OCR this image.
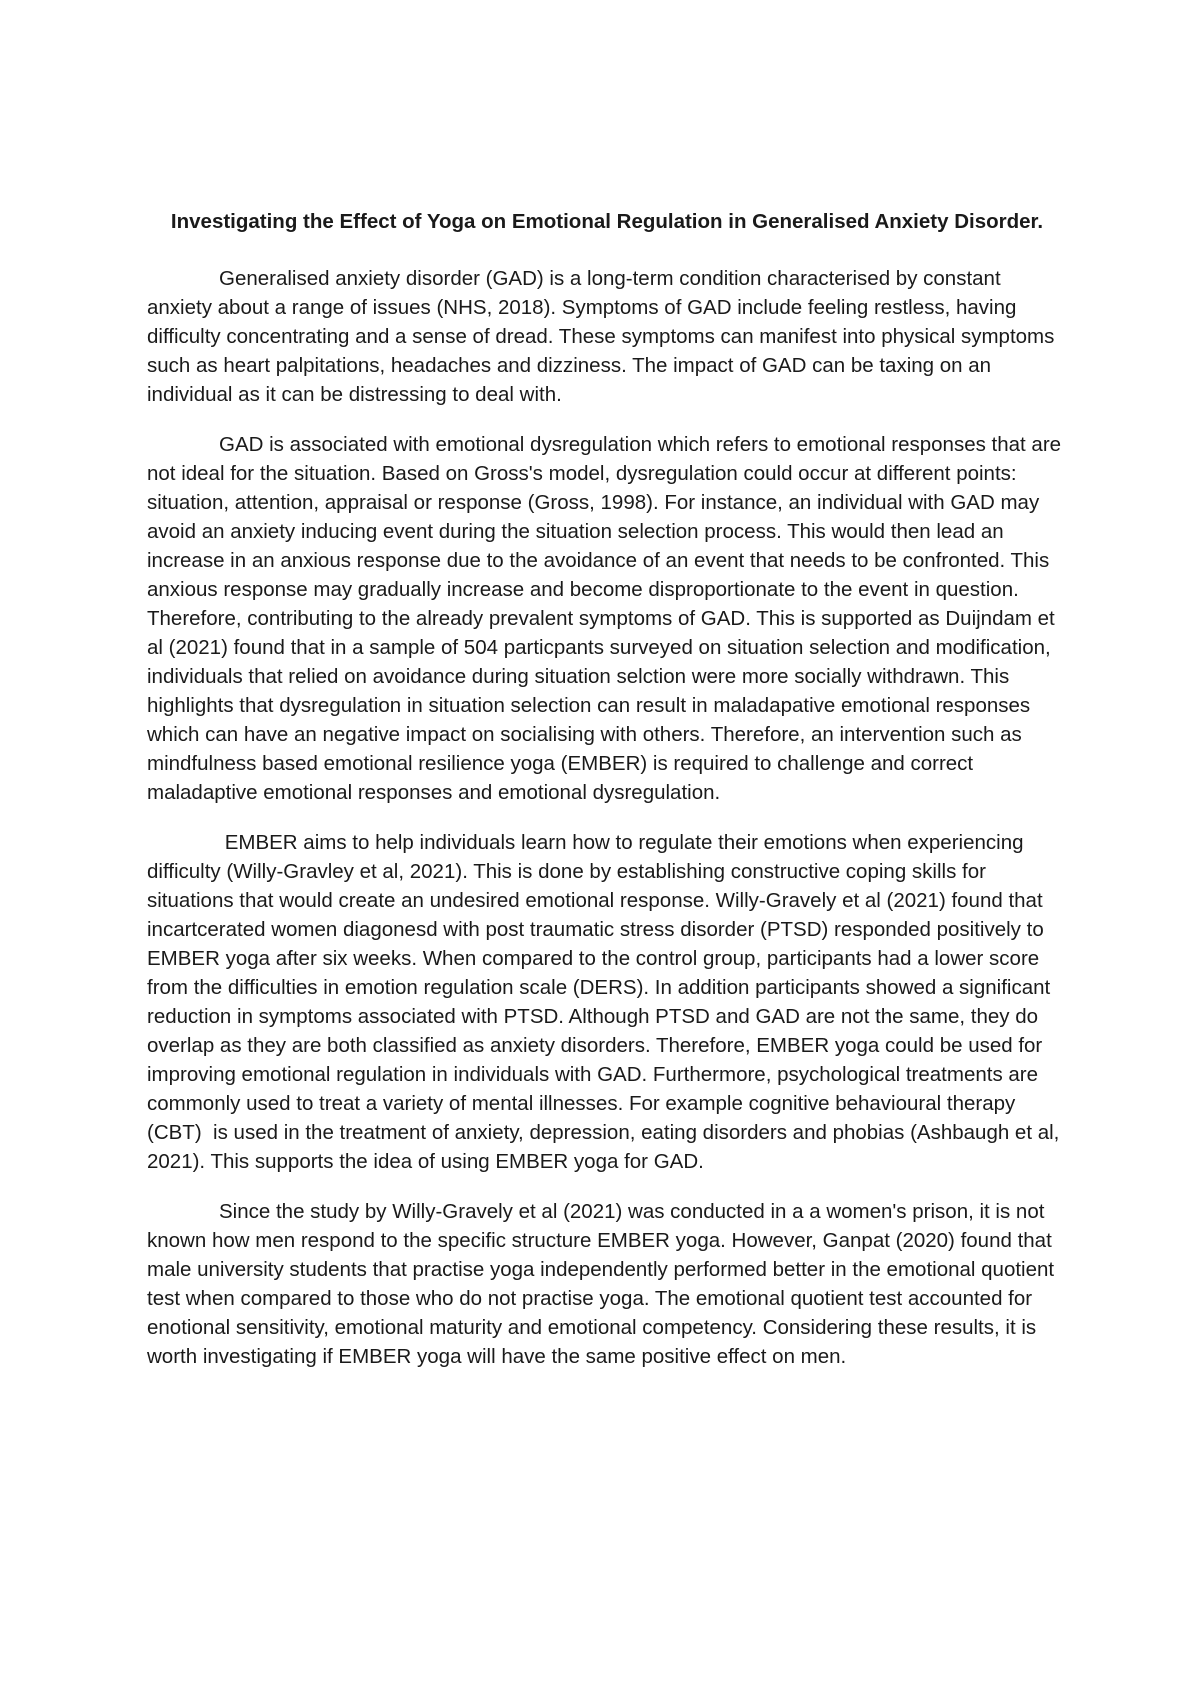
Investigating the Effect of Yoga on Emotional Regulation in Generalised Anxiety Disorder.

Generalised anxiety disorder (GAD) is a long-term condition characterised by constant anxiety about a range of issues (NHS, 2018). Symptoms of GAD include feeling restless, having difficulty concentrating and a sense of dread. These symptoms can manifest into physical symptoms such as heart palpitations, headaches and dizziness. The impact of GAD can be taxing on an individual as it can be distressing to deal with.

GAD is associated with emotional dysregulation which refers to emotional responses that are not ideal for the situation. Based on Gross's model, dysregulation could occur at different points: situation, attention, appraisal or response (Gross, 1998). For instance, an individual with GAD may avoid an anxiety inducing event during the situation selection process. This would then lead an increase in an anxious response due to the avoidance of an event that needs to be confronted. This anxious response may gradually increase and become disproportionate to the event in question. Therefore, contributing to the already prevalent symptoms of GAD. This is supported as Duijndam et al (2021) found that in a sample of 504 particpants surveyed on situation selection and modification, individuals that relied on avoidance during situation selction were more socially withdrawn. This highlights that dysregulation in situation selection can result in maladapative emotional responses which can have an negative impact on socialising with others. Therefore, an intervention such as mindfulness based emotional resilience yoga (EMBER) is required to challenge and correct maladaptive emotional responses and emotional dysregulation.

EMBER aims to help individuals learn how to regulate their emotions when experiencing difficulty (Willy-Gravley et al, 2021). This is done by establishing constructive coping skills for situations that would create an undesired emotional response. Willy-Gravely et al (2021) found that incartcerated women diagonesd with post traumatic stress disorder (PTSD) responded positively to EMBER yoga after six weeks. When compared to the control group, participants had a lower score from the difficulties in emotion regulation scale (DERS). In addition participants showed a significant reduction in symptoms associated with PTSD. Although PTSD and GAD are not the same, they do overlap as they are both classified as anxiety disorders. Therefore, EMBER yoga could be used for improving emotional regulation in individuals with GAD. Furthermore, psychological treatments are commonly used to treat a variety of mental illnesses. For example cognitive behavioural therapy (CBT)  is used in the treatment of anxiety, depression, eating disorders and phobias (Ashbaugh et al, 2021). This supports the idea of using EMBER yoga for GAD.

Since the study by Willy-Gravely et al (2021) was conducted in a a women's prison, it is not known how men respond to the specific structure EMBER yoga. However, Ganpat (2020) found that male university students that practise yoga independently performed better in the emotional quotient test when compared to those who do not practise yoga. The emotional quotient test accounted for enotional sensitivity, emotional maturity and emotional competency. Considering these results, it is worth investigating if EMBER yoga will have the same positive effect on men.
